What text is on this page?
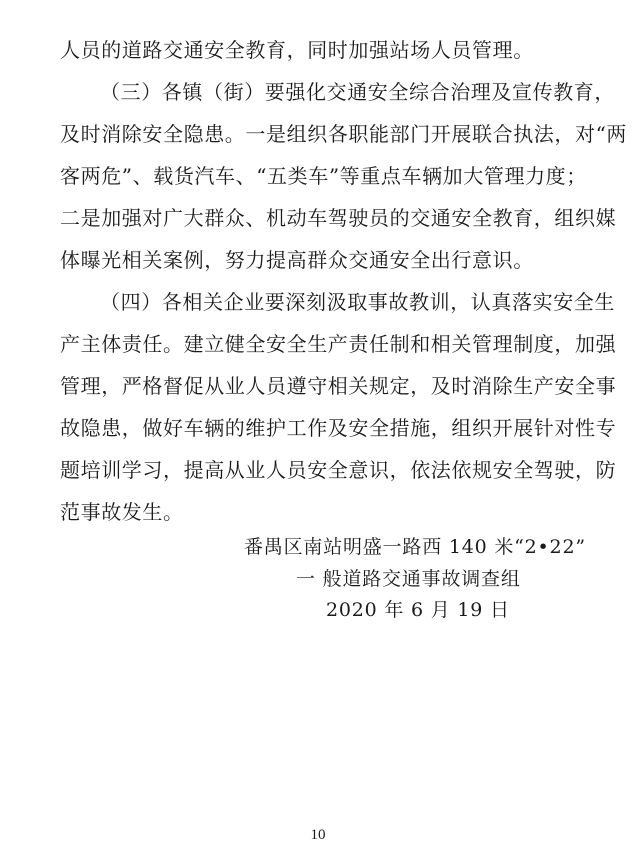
人员的道路交通安全教育，同时加强站场人员管理。
（三）各镇（街）要强化交通安全综合治理及宣传教育，
及时消除安全隐患。一是组织各职能部门开展联合执法，对“两
客两危”、载货汽车、“五类车”等重点车辆加大管理力度；
二是加强对广大群众、机动车驾驶员的交通安全教育，组织媒
体曝光相关案例，努力提高群众交通安全出行意识。
（四）各相关企业要深刻汲取事故教训，认真落实安全生
产主体责任。建立健全安全生产责任制和相关管理制度，加强
管理，严格督促从业人员遵守相关规定，及时消除生产安全事
故隐患，做好车辆的维护工作及安全措施，组织开展针对性专
题培训学习，提高从业人员安全意识，依法依规安全驾驶，防
范事故发生。
番禺区南站明盛一路西 140 米“2•22”
一 般道路交通事故调查组
2020 年 6 月 19 日
10
